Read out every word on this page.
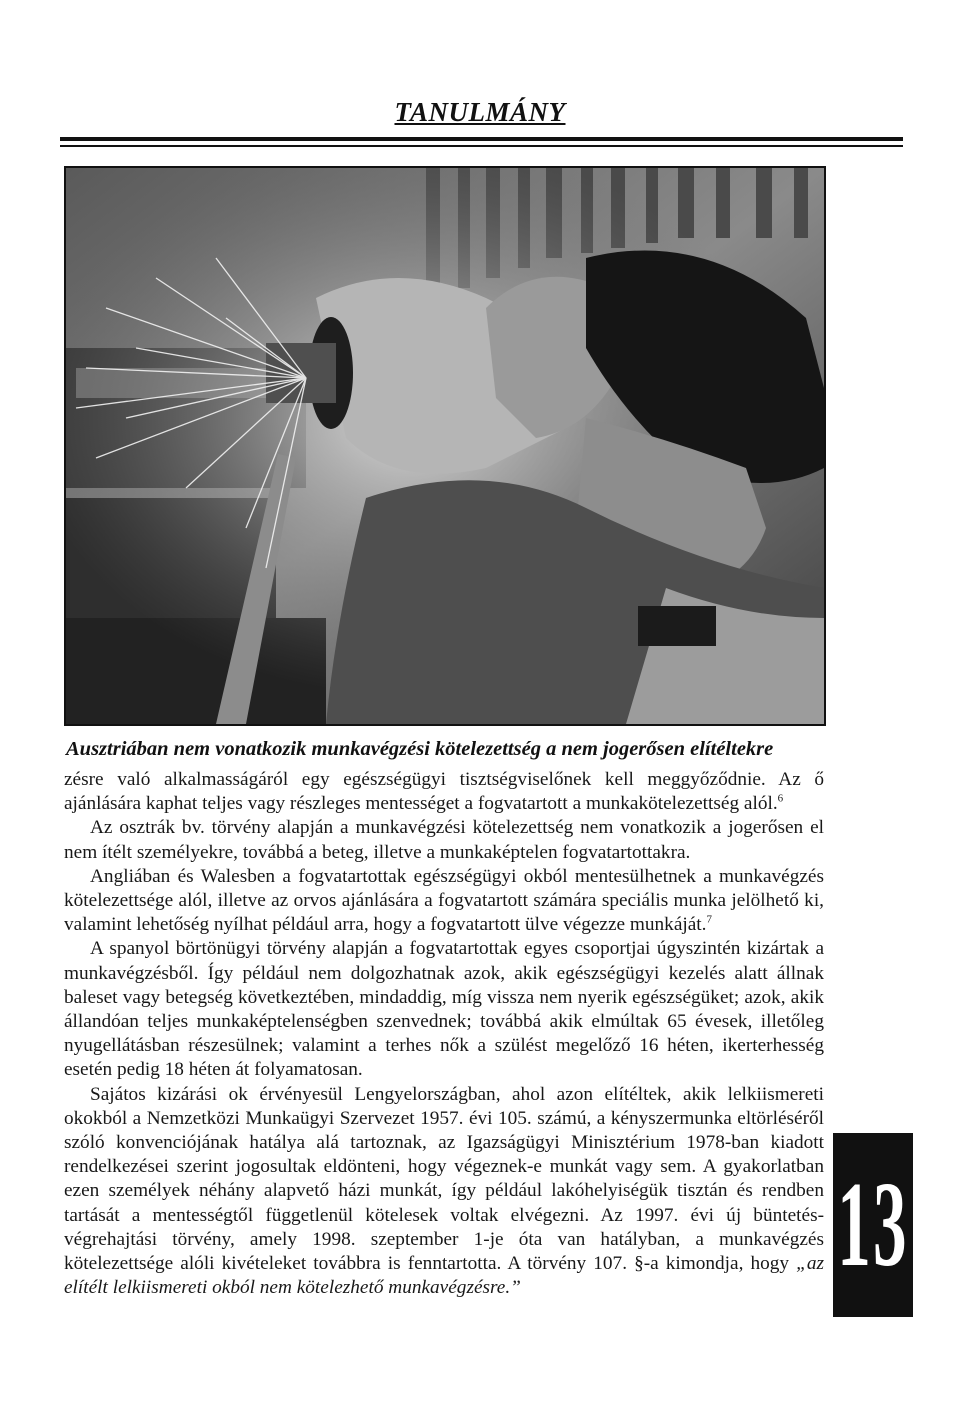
TANULMÁNY
Ausztriában nem vonatkozik munkavégzési kötelezettség a nem jogerősen elítéltekre

zésre való alkalmasságáról egy egészségügyi tisztségviselőnek kell meggyőződnie. Az ő ajánlására kaphat teljes vagy részleges mentességet a fogvatartott a munkakötelezettség alól.$^6$

Az osztrák bv. törvény alapján a munkavégzési kötelezettség nem vonatkozik a jogerősen el nem ítélt személyekre, továbbá a beteg, illetve a munkaképtelen fogvatartottakra.

Angliában és Walesben a fogvatartottak egészségügyi okból mentesülhetnek a munkavégzés kötelezettsége alól, illetve az orvos ajánlására a fogvatartott számára speciális munka jelölhető ki, valamint lehetőség nyílhat például arra, hogy a fogvatartott ülve végezze munkáját.$^7$

A spanyol börtönügyi törvény alapján a fogvatartottak egyes csoportjai úgyszintén kizártak a munkavégzésből. Így például nem dolgozhatnak azok, akik egészségügyi kezelés alatt állnak baleset vagy betegség következtében, mindaddig, míg vissza nem nyerik egészségüket; azok, akik állandóan teljes munkaképtelenségben szenvednek; továbbá akik elmúltak 65 évesek, illetőleg nyugellátásban részesülnek; valamint a terhes nők a szülést megelőző 16 héten, ikerterhesség esetén pedig 18 héten át folyamatosan.

Sajátos kizárási ok érvényesül Lengyelországban, ahol azon elítéltek, akik lelkiismereti okokból a Nemzetközi Munkaügyi Szervezet 1957. évi 105. számú, a kényszermunka eltörléséről szóló konvenciójának hatálya alá tartoznak, az Igazságügyi Minisztérium 1978-ban kiadott rendelkezései szerint jogosultak eldönteni, hogy végeznek-e munkát vagy sem. A gyakorlatban ezen személyek néhány alapvető házi munkát, így például lakóhelyiségük tisztán és rendben tartását a mentességtől függetlenül kötelesek voltak elvégezni. Az 1997. évi új büntetés-végrehajtási törvény, amely 1998. szeptember 1-je óta van hatályban, a munkavégzés kötelezettsége alóli kivételeket továbbra is fenntartotta. A törvény 107. §-a kimondja, hogy „az elítélt lelkiismereti okból nem kötelezhető munkavégzésre.”	13
